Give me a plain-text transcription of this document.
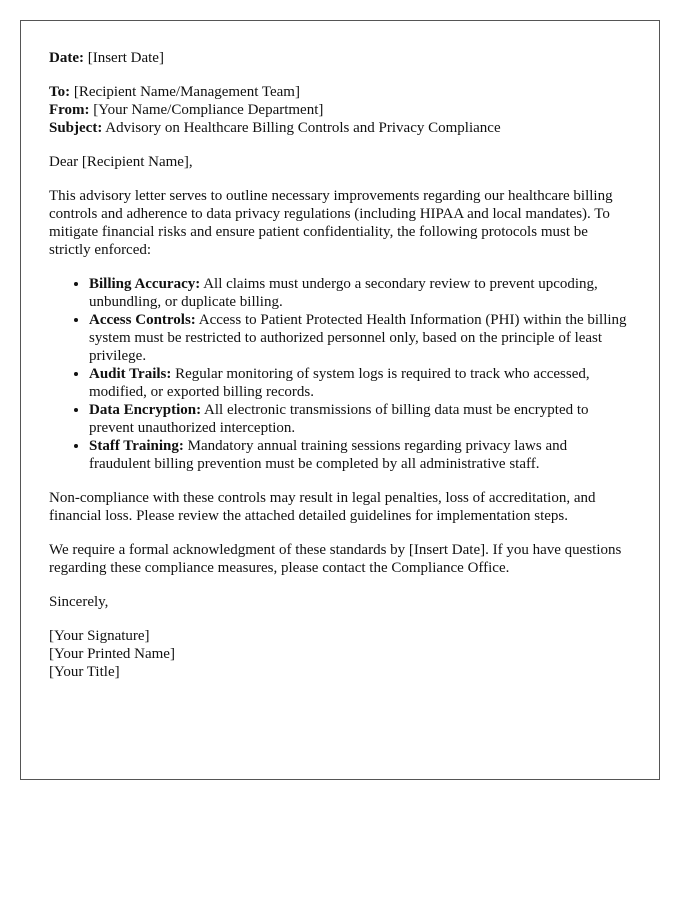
Date: [Insert Date]

To: [Recipient Name/Management Team]

From: [Your Name/Compliance Department]

Subject: Advisory on Healthcare Billing Controls and Privacy Compliance

Dear [Recipient Name],

This advisory letter serves to outline necessary improvements regarding our healthcare billing controls and adherence to data privacy regulations (including HIPAA and local mandates). To mitigate financial risks and ensure patient confidentiality, the following protocols must be strictly enforced:

• Billing Accuracy: All claims must undergo a secondary review to prevent upcoding, unbundling, or duplicate billing.
• Access Controls: Access to Patient Protected Health Information (PHI) within the billing system must be restricted to authorized personnel only, based on the principle of least privilege.
• Audit Trails: Regular monitoring of system logs is required to track who accessed, modified, or exported billing records.
• Data Encryption: All electronic transmissions of billing data must be encrypted to prevent unauthorized interception.
• Staff Training: Mandatory annual training sessions regarding privacy laws and fraudulent billing prevention must be completed by all administrative staff.

Non-compliance with these controls may result in legal penalties, loss of accreditation, and financial loss. Please review the attached detailed guidelines for implementation steps.

We require a formal acknowledgment of these standards by [Insert Date]. If you have questions regarding these compliance measures, please contact the Compliance Office.

Sincerely,

[Your Signature]

[Your Printed Name]

[Your Title]
